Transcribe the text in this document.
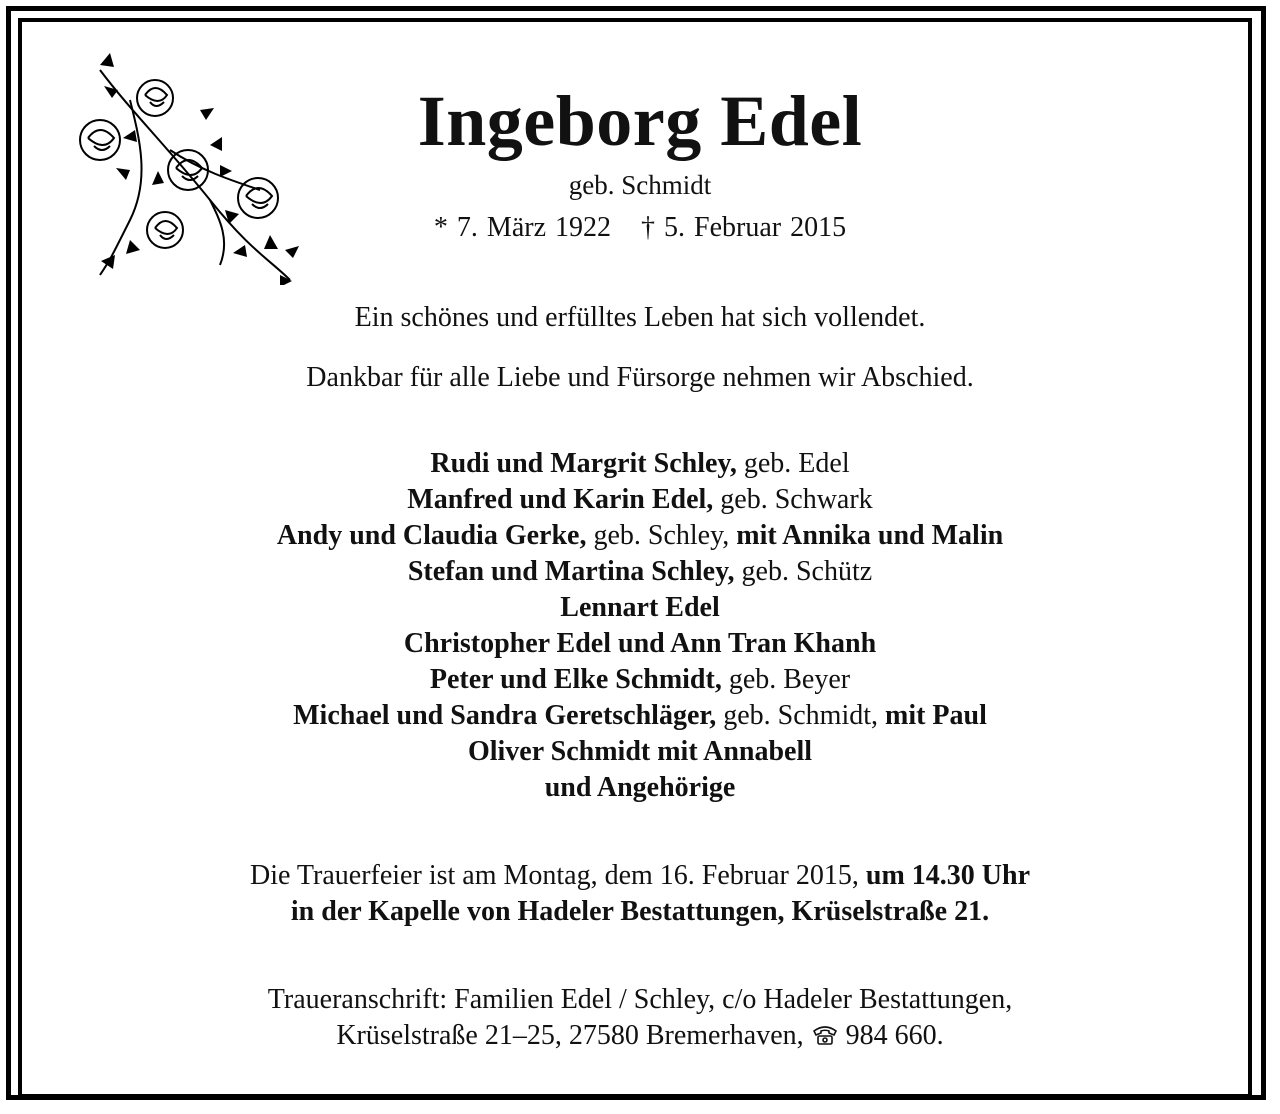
Ingeborg Edel
geb. Schmidt
* 7. März 1922 † 5. Februar 2015
Ein schönes und erfülltes Leben hat sich vollendet.
Dankbar für alle Liebe und Fürsorge nehmen wir Abschied.
Rudi und Margrit Schley, geb. Edel
Manfred und Karin Edel, geb. Schwark
Andy und Claudia Gerke, geb. Schley, mit Annika und Malin
Stefan und Martina Schley, geb. Schütz
Lennart Edel
Christopher Edel und Ann Tran Khanh
Peter und Elke Schmidt, geb. Beyer
Michael und Sandra Geretschläger, geb. Schmidt, mit Paul
Oliver Schmidt mit Annabell
und Angehörige
Die Trauerfeier ist am Montag, dem 16. Februar 2015, um 14.30 Uhr
in der Kapelle von Hadeler Bestattungen, Krüselstraße 21.
Traueranschrift: Familien Edel / Schley, c/o Hadeler Bestattungen,
Krüselstraße 21–25, 27580 Bremerhaven,  984 660.
